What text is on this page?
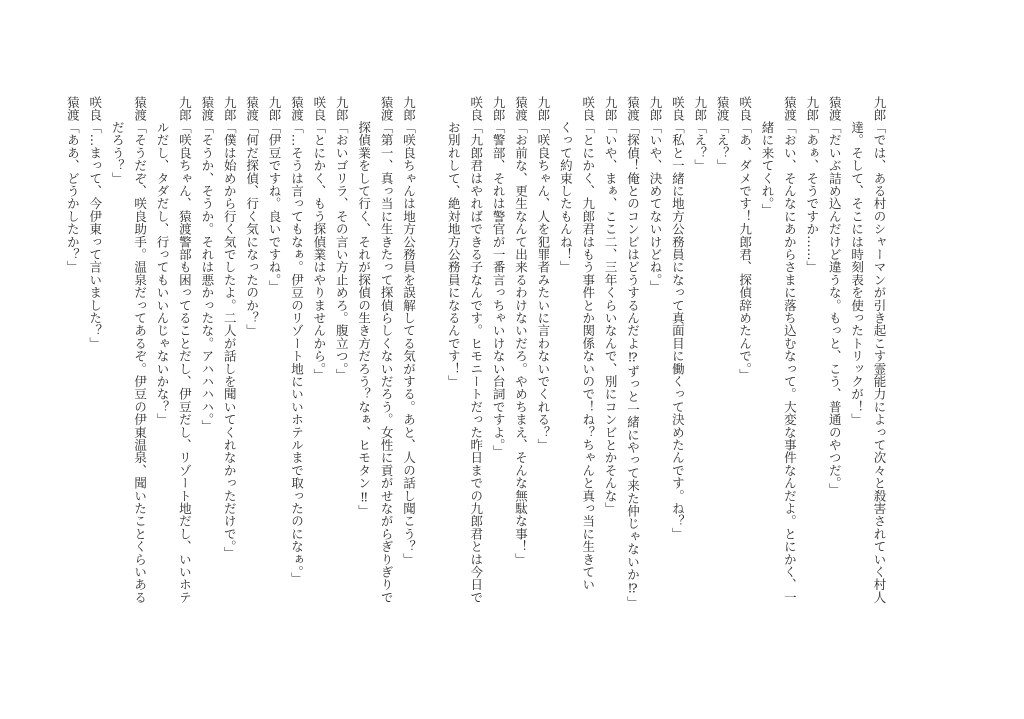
九郎「では、ある村のシャーマンが引き起こす霊能力によって次々と殺害されていく村人
　　達。そして、そこには時刻表を使ったトリックが！」
猿渡「だいぶ詰め込んだけど違うな。もっと、こう、普通のやつだ。」
九郎「あぁ、そうですか……」
猿渡「おい、そんなにあからさまに落ち込むなって。大変な事件なんだよ。とにかく、一
　　緒に来てくれ。」
咲良「あ、ダメです！九郎君、探偵辞めたんで。」
猿渡「え？」
九郎「え？」
咲良「私と一緒に地方公務員になって真面目に働くって決めたんです。ね？」
九郎「いや、決めてないけどね。」
猿渡「探偵！俺とのコンビはどうするんだよ⁉ずっと一緒にやって来た仲じゃないか⁉」
九郎「いや、まぁ、ここ二、三年くらいなんで、別にコンビとかそんな」
咲良「とにかく、九郎君はもう事件とか関係ないので！ね？ちゃんと真っ当に生きてい
　　くって約束したもんね！」
九郎「咲良ちゃん、人を犯罪者みたいに言わないでくれる？」
猿渡「お前な、更生なんて出来るわけないだろ。やめちまえ、そんな無駄な事！」
九郎「警部、それは警官が一番言っちゃいけない台詞ですよ。」
咲良「九郎君はやればできる子なんです。ヒモニートだった昨日までの九郎君とは今日で
　　お別れして、絶対地方公務員になるんです！」
九郎「咲良ちゃんは地方公務員を誤解してる気がする。あと、人の話し聞こう？」
猿渡「第一、真っ当に生きたって探偵らしくないだろう。女性に貢がせながらぎりぎりで
　　探偵業をして行く、それが探偵の生き方だろう？なぁ、ヒモタン‼」
九郎「おいゴリラ、その言い方止めろ。腹立つ。」
咲良「とにかく、もう探偵業はやりませんから。」
猿渡「…そうは言ってもなぁ。伊豆のリゾート地にいいホテルまで取ったのになぁ。」
九郎「伊豆ですね。良いですね。」
猿渡「何だ探偵、行く気になったのか？」
九郎「僕は始めから行く気でしたよ。二人が話しを聞いてくれなかっただけで。」
猿渡「そうか、そうか。それは悪かったな。アハハハハ。」
九郎「咲良ちゃん、猿渡警部も困ってることだし、伊豆だし、リゾート地だし、いいホテ
　　ルだし、タダだし、行ってもいいんじゃないかな？」
猿渡「そうだぞ、咲良助手。温泉だってあるぞ。伊豆の伊東温泉、聞いたことくらいある
　　だろう？」
咲良「…まって、今伊東って言いました？」
猿渡「ああ、どうかしたか？」
